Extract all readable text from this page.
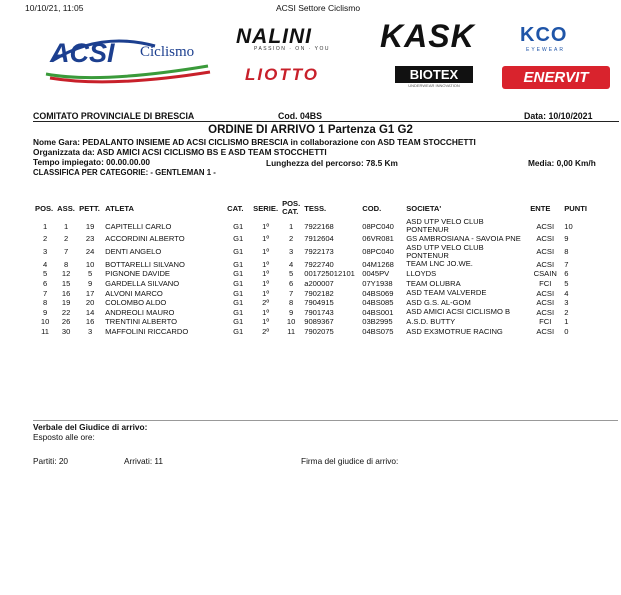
10/10/21, 11:05	ACSI Settore Ciclismo
ACSI Ciclismo
NALINI
PASSION · ON · YOU KASK KCO
EYEWEAR
LIOTTO	BIOTEX
UNDERWEAR INNOVATION	ENERVIT
COMITATO PROVINCIALE DI BRESCIA	Cod. 04BS	Data: 10/10/2021
ORDINE DI ARRIVO 1 Partenza G1 G2
Nome Gara: PEDALANTO INSIEME AD ACSI CICLISMO BRESCIA in collaborazione con ASD TEAM STOCCHETTI
Organizzata da: ASD AMICI ACSI CICLISMO BS E ASD TEAM STOCCHETTI
Tempo impiegato: 00.00.00.00	Lunghezza del percorso: 78.5 Km	Media: 0,00 Km/h
CLASSIFICA PER CATEGORIE: - GENTLEMAN 1 -
POS.	ASS.	PETT.	ATLETA	CAT.	SERIE.	POS. CAT.	TESS.	COD.	SOCIETA'	ENTE	PUNTI
1	1	19	CAPITELLI CARLO	G1	1º	1	7922168	08PC040	ASD UTP VELO CLUB PONTENUR	ACSI	10
2	2	23	ACCORDINI ALBERTO	G1	1º	2	7912604	06VR081	GS AMBROSIANA - SAVOIA PNE	ACSI	9
3	7	24	DENTI ANGELO	G1	1º	3	7922173	08PC040	ASD UTP VELO CLUB PONTENUR	ACSI	8
4	8	10	BOTTARELLI SILVANO	G1	1º	4	7922740	04M1268	TEAM LNC JO.WE.	ACSI	7
5	12	5	PIGNONE DAVIDE	G1	1º	5	001725012101	0045PV	LLOYDS	CSAIN	6
6	15	9	GARDELLA SILVANO	G1	1º	6	a200007	07Y1938	TEAM OLUBRA	FCI	5
7	16	17	ALVONI MARCO	G1	1º	7	7902182	04BS069	ASD TEAM VALVERDE	ACSI	4
8	19	20	COLOMBO ALDO	G1	2º	8	7904915	04BS085	ASD G.S. AL-GOM	ACSI	3
9	22	14	ANDREOLI MAURO	G1	1º	9	7901743	04BS001	ASD AMICI ACSI CICLISMO B	ACSI	2
10	26	16	TRENTINI ALBERTO	G1	1º	10	9089367	03B2995	A.S.D. BUTTY	FCI	1
11	30	3	MAFFOLINI RICCARDO	G1	2º	11	7902075	04BS075	ASD EX3MOTRUE RACING	ACSI	0
Verbale del Giudice di arrivo:
Esposto alle ore:
Partiti: 20	Arrivati: 11	Firma del giudice di arrivo:
